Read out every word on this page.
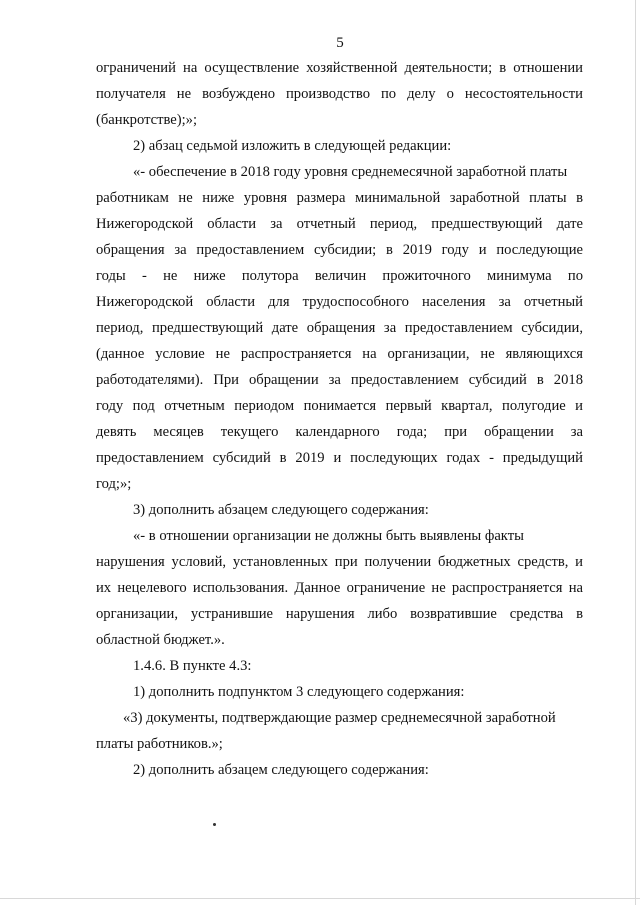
5
ограничений на осуществление хозяйственной деятельности; в отношении
получателя не возбуждено производство по делу о несостоятельности
(банкротстве);»;
2) абзац седьмой изложить в следующей редакции:
«- обеспечение в 2018 году уровня среднемесячной заработной платы
работникам не ниже уровня размера минимальной заработной платы в
Нижегородской области за отчетный период, предшествующий дате
обращения за предоставлением субсидии; в 2019 году и последующие
годы - не ниже полутора величин прожиточного минимума по
Нижегородской области для трудоспособного населения за отчетный
период, предшествующий дате обращения за предоставлением субсидии,
(данное условие не распространяется на организации, не являющихся
работодателями). При обращении за предоставлением субсидий в 2018
году под отчетным периодом понимается первый квартал, полугодие и
девять месяцев текущего календарного года; при обращении за
предоставлением субсидий в 2019 и последующих годах - предыдущий
год;»;
3) дополнить абзацем следующего содержания:
«- в отношении организации не должны быть выявлены факты
нарушения условий, установленных при получении бюджетных средств, и
их нецелевого использования. Данное ограничение не распространяется на
организации, устранившие нарушения либо возвратившие средства в
областной бюджет.».
1.4.6. В пункте 4.3:
1) дополнить подпунктом 3 следующего содержания:
«3) документы, подтверждающие размер среднемесячной заработной
платы работников.»;
2) дополнить абзацем следующего содержания:
